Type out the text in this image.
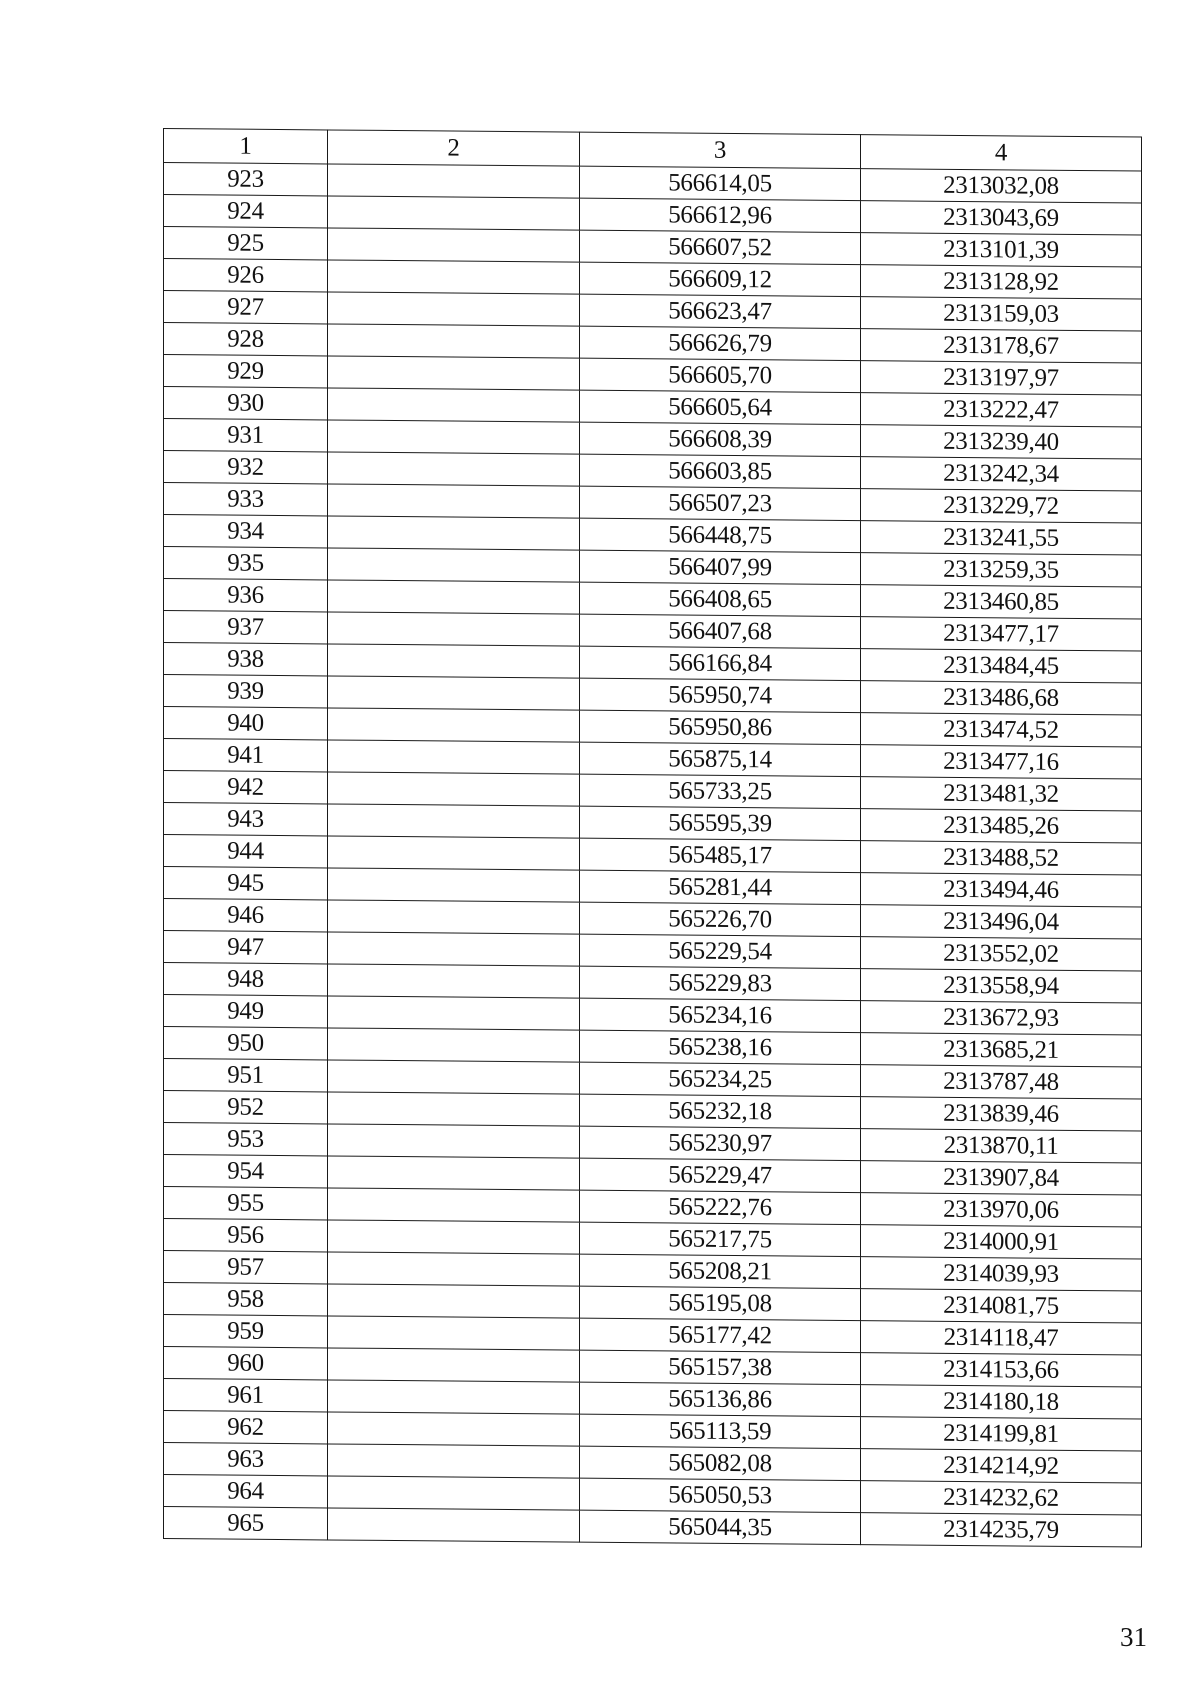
1	2	3	4
923		566614,05	2313032,08
924		566612,96	2313043,69
925		566607,52	2313101,39
926		566609,12	2313128,92
927		566623,47	2313159,03
928		566626,79	2313178,67
929		566605,70	2313197,97
930		566605,64	2313222,47
931		566608,39	2313239,40
932		566603,85	2313242,34
933		566507,23	2313229,72
934		566448,75	2313241,55
935		566407,99	2313259,35
936		566408,65	2313460,85
937		566407,68	2313477,17
938		566166,84	2313484,45
939		565950,74	2313486,68
940		565950,86	2313474,52
941		565875,14	2313477,16
942		565733,25	2313481,32
943		565595,39	2313485,26
944		565485,17	2313488,52
945		565281,44	2313494,46
946		565226,70	2313496,04
947		565229,54	2313552,02
948		565229,83	2313558,94
949		565234,16	2313672,93
950		565238,16	2313685,21
951		565234,25	2313787,48
952		565232,18	2313839,46
953		565230,97	2313870,11
954		565229,47	2313907,84
955		565222,76	2313970,06
956		565217,75	2314000,91
957		565208,21	2314039,93
958		565195,08	2314081,75
959		565177,42	2314118,47
960		565157,38	2314153,66
961		565136,86	2314180,18
962		565113,59	2314199,81
963		565082,08	2314214,92
964		565050,53	2314232,62
965		565044,35	2314235,79
31
